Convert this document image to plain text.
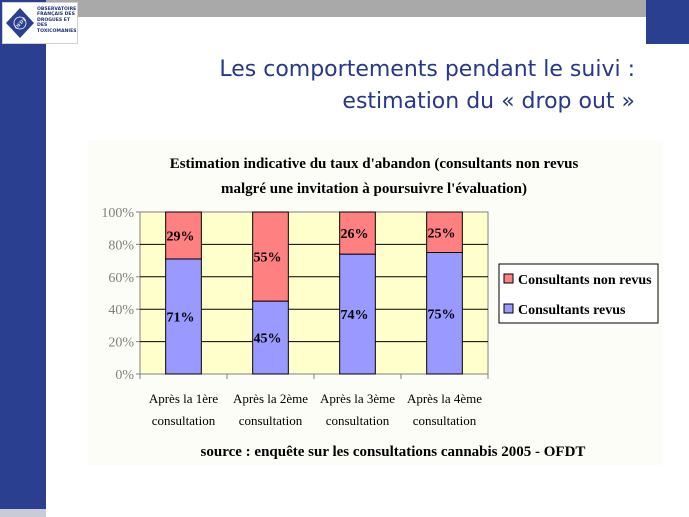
OFDT
OBSERVATOIRE
FRANÇAIS DES
DROGUES ET DES
TOXICOMANIES
Les comportements pendant le suivi :
estimation du « drop out »
Estimation indicative du taux d'abandon (consultants non revus
malgré une invitation à poursuivre l'évaluation)
71%
29%
45%
55%
74%
26%
75%
25%
0%
20%
40%
60%
80%
100%
Après la 1ère
consultation
Après la 2ème
consultation
Après la 3ème
consultation
Après la 4ème
consultation
Consultants non revus
Consultants revus
source : enquête sur les consultations cannabis 2005 - OFDT
